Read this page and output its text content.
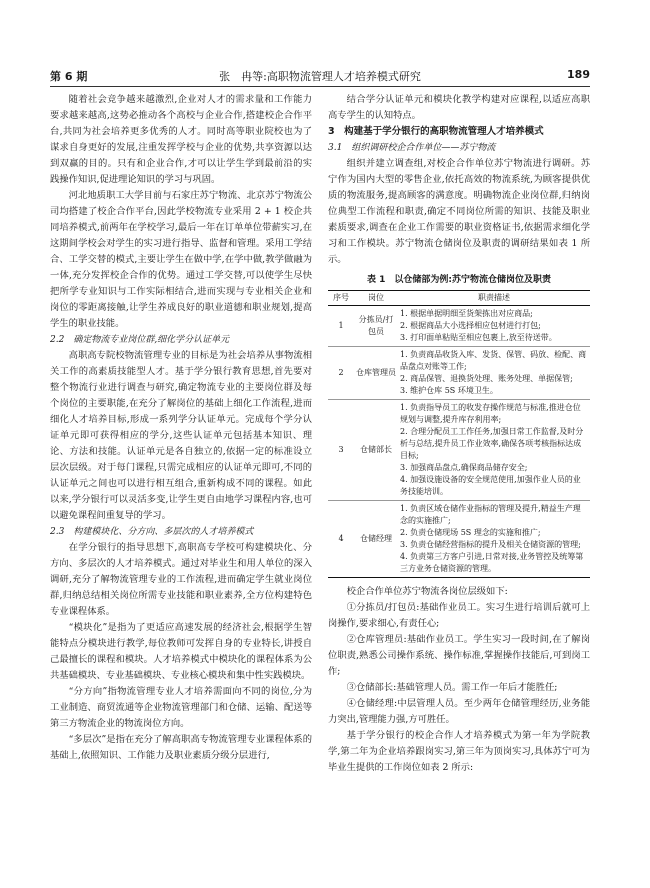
第 6 期	张　冉等:高职物流管理人才培养模式研究	189

随着社会竞争越来越激烈,企业对人才的需求量和工作能力要求越来越高,这势必推动各个高校与企业合作,搭建校企合作平台,共同为社会培养更多优秀的人才。同时高等职业院校也为了谋求自身更好的发展,注重发挥学校与企业的优势,共享资源以达到双赢的目的。只有和企业合作,才可以让学生学到最前沿的实践操作知识,促进理论知识的学习与巩固。

河北地质职工大学目前与石家庄苏宁物流、北京苏宁物流公司均搭建了校企合作平台,因此学校物流专业采用 2 + 1 校企共同培养模式,前两年在学校学习,最后一年在订单单位带薪实习,在这期间学校会对学生的实习进行指导、监督和管理。采用工学结合、工学交替的模式,主要让学生在做中学,在学中做,教学做融为一体,充分发挥校企合作的优势。通过工学交替,可以使学生尽快把所学专业知识与工作实际相结合,进而实现与专业相关企业和岗位的零距离接触,让学生养成良好的职业道德和职业规划,提高学生的职业技能。

2.2　确定物流专业岗位群,细化学分认证单元

高职高专院校物流管理专业的目标是为社会培养从事物流相关工作的高素质技能型人才。基于学分银行教育思想,首先要对整个物流行业进行调查与研究,确定物流专业的主要岗位群及每个岗位的主要职能,在充分了解岗位的基础上细化工作流程,进而细化人才培养目标,形成一系列学分认证单元。完成每个学分认证单元即可获得相应的学分,这些认证单元包括基本知识、理论、方法和技能。认证单元是各自独立的,依据一定的标准设立层次层级。对于每门课程,只需完成相应的认证单元即可,不同的认证单元之间也可以进行相互组合,重新构成不同的课程。如此以来,学分银行可以灵活多变,让学生更自由地学习课程内容,也可以避免课程间重复导的学习。

2.3　构建模块化、分方向、多层次的人才培养模式

在学分银行的指导思想下,高职高专学校可构建模块化、分方向、多层次的人才培养模式。通过对毕业生和用人单位的深入调研,充分了解物流管理专业的工作流程,进而确定学生就业岗位群,归纳总结相关岗位所需专业技能和职业素养,全方位构建特色专业课程体系。

“模块化”是指为了更适应高速发展的经济社会,根据学生智能特点分模块进行教学,每位教师可发挥自身的专业特长,讲授自己最擅长的课程和模块。人才培养模式中模块化的课程体系为公共基础模块、专业基础模块、专业核心模块和集中性实践模块。

“分方向”指物流管理专业人才培养需面向不同的岗位,分为工业制造、商贸流通等企业物流管理部门和仓储、运输、配送等第三方物流企业的物流岗位方向。

“多层次”是指在充分了解高职高专物流管理专业课程体系的基础上,依照知识、工作能力及职业素质分级分层进行,

结合学分认证单元和模块化教学构建对应课程,以适应高职高专学生的认知特点。

3　构建基于学分银行的高职物流管理人才培养模式
3.1　组织调研校企合作单位——苏宁物流

组织并建立调查组,对校企合作单位苏宁物流进行调研。苏宁作为国内大型的零售企业,依托高效的物流系统,为顾客提供优质的物流服务,提高顾客的满意度。明确物流企业岗位群,归纳岗位典型工作流程和职责,确定不同岗位所需的知识、技能及职业素质要求,调查在企业工作需要的职业资格证书,依据需求细化学习和工作模块。苏宁物流仓储岗位及职责的调研结果如表 1 所示。

表 1　以仓储部为例:苏宁物流仓储岗位及职责
序号	岗位	职责描述
1	分拣员/打包员	1. 根据单据明细至货架拣出对应商品;
2. 根据商品大小选择相应包材进行打包;
3. 打印面单粘贴至相应包裹上,放至待送带。

2	仓库管理员	1. 负责商品收货入库、发货、保管、码放、检配、商品盘点对账等工作;
2. 商品保管、退换货处理、账务处理、单据保管;
3. 维护仓库 5S 环境卫生。

3	仓储部长	1. 负责指导员工的收发存操作规范与标准,推进仓位规划与调整,提升库存利用率;
2. 合理分配员工工作任务,加强日常工作监督,及时分析与总结,提升员工作业效率,确保各项考核指标达成目标;
3. 加强商品盘点,确保商品储存安全;
4. 加强设施设备的安全规范使用,加强作业人员的业务技能培训。

4	仓储经理	1. 负责区域仓储作业指标的管理及提升,精益生产理念的实施推广;
2. 负责仓储现场 5S 理念的实施和推广;
3. 负责仓储经营指标的提升及相关仓储资源的管理;
4. 负责第三方客户引进,日常对接,业务管控及统筹第三方业务仓储资源的管理。

校企合作单位苏宁物流各岗位层级如下:

①分拣员/打包员:基础作业员工。实习生进行培训后就可上岗操作,要求细心,有责任心;

②仓库管理员:基础作业员工。学生实习一段时间,在了解岗位职责,熟悉公司操作系统、操作标准,掌握操作技能后,可到岗工作;

③仓储部长:基础管理人员。需工作一年后才能胜任;

④仓储经理:中层管理人员。至少两年仓储管理经历,业务能力突出,管理能力强,方可胜任。

基于学分银行的校企合作人才培养模式为第一年为学院教学,第二年为企业培养跟岗实习,第三年为顶岗实习,具体苏宁可为毕业生提供的工作岗位如表 2 所示:
